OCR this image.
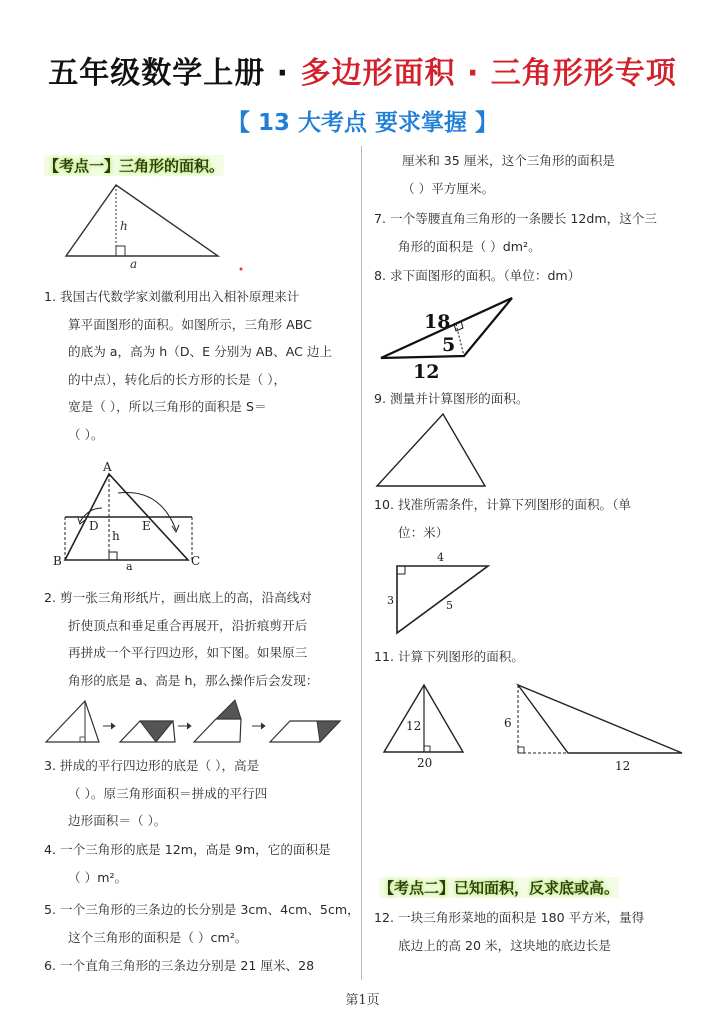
五年级数学上册 · 多边形面积 · 三角形形专项
【 13 大考点 要求掌握 】
【考点一】三角形的面积。
h
a
1. 我国古代数学家刘徽利用出入相补原理来计
算平面图形的面积。如图所示，三角形 ABC
的底为 a，高为 h（D、E 分别为 AB、AC 边上
的中点），转化后的长方形的长是（ ），
宽是（ ），所以三角形的面积是 S＝
（ ）。
A
B	C
D	E
h
a
2. 剪一张三角形纸片，画出底上的高，沿高线对
折使顶点和垂足重合再展开，沿折痕剪开后
再拼成一个平行四边形，如下图。如果原三
角形的底是 a、高是 h，那么操作后会发现：
3. 拼成的平行四边形的底是（ ），高是
（ ）。原三角形面积＝拼成的平行四
边形面积＝（ ）。
4. 一个三角形的底是 12m，高是 9m，它的面积是
（ ）m²。
5. 一个三角形的三条边的长分别是 3cm、4cm、5cm，
这个三角形的面积是（ ）cm²。
6. 一个直角三角形的三条边分别是 21 厘米、28
厘米和 35 厘米，这个三角形的面积是
（ ）平方厘米。
7. 一个等腰直角三角形的一条腰长 12dm，这个三
角形的面积是（ ）dm²。
8. 求下面图形的面积。（单位：dm）
18
5
12
9. 测量并计算图形的面积。
10. 找准所需条件，计算下列图形的面积。（单
位：米）
4
3	5
11. 计算下列图形的面积。
12
20
6
12
【考点二】已知面积，反求底或高。
12. 一块三角形菜地的面积是 180 平方米，量得
底边上的高 20 米，这块地的底边长是
第1页
